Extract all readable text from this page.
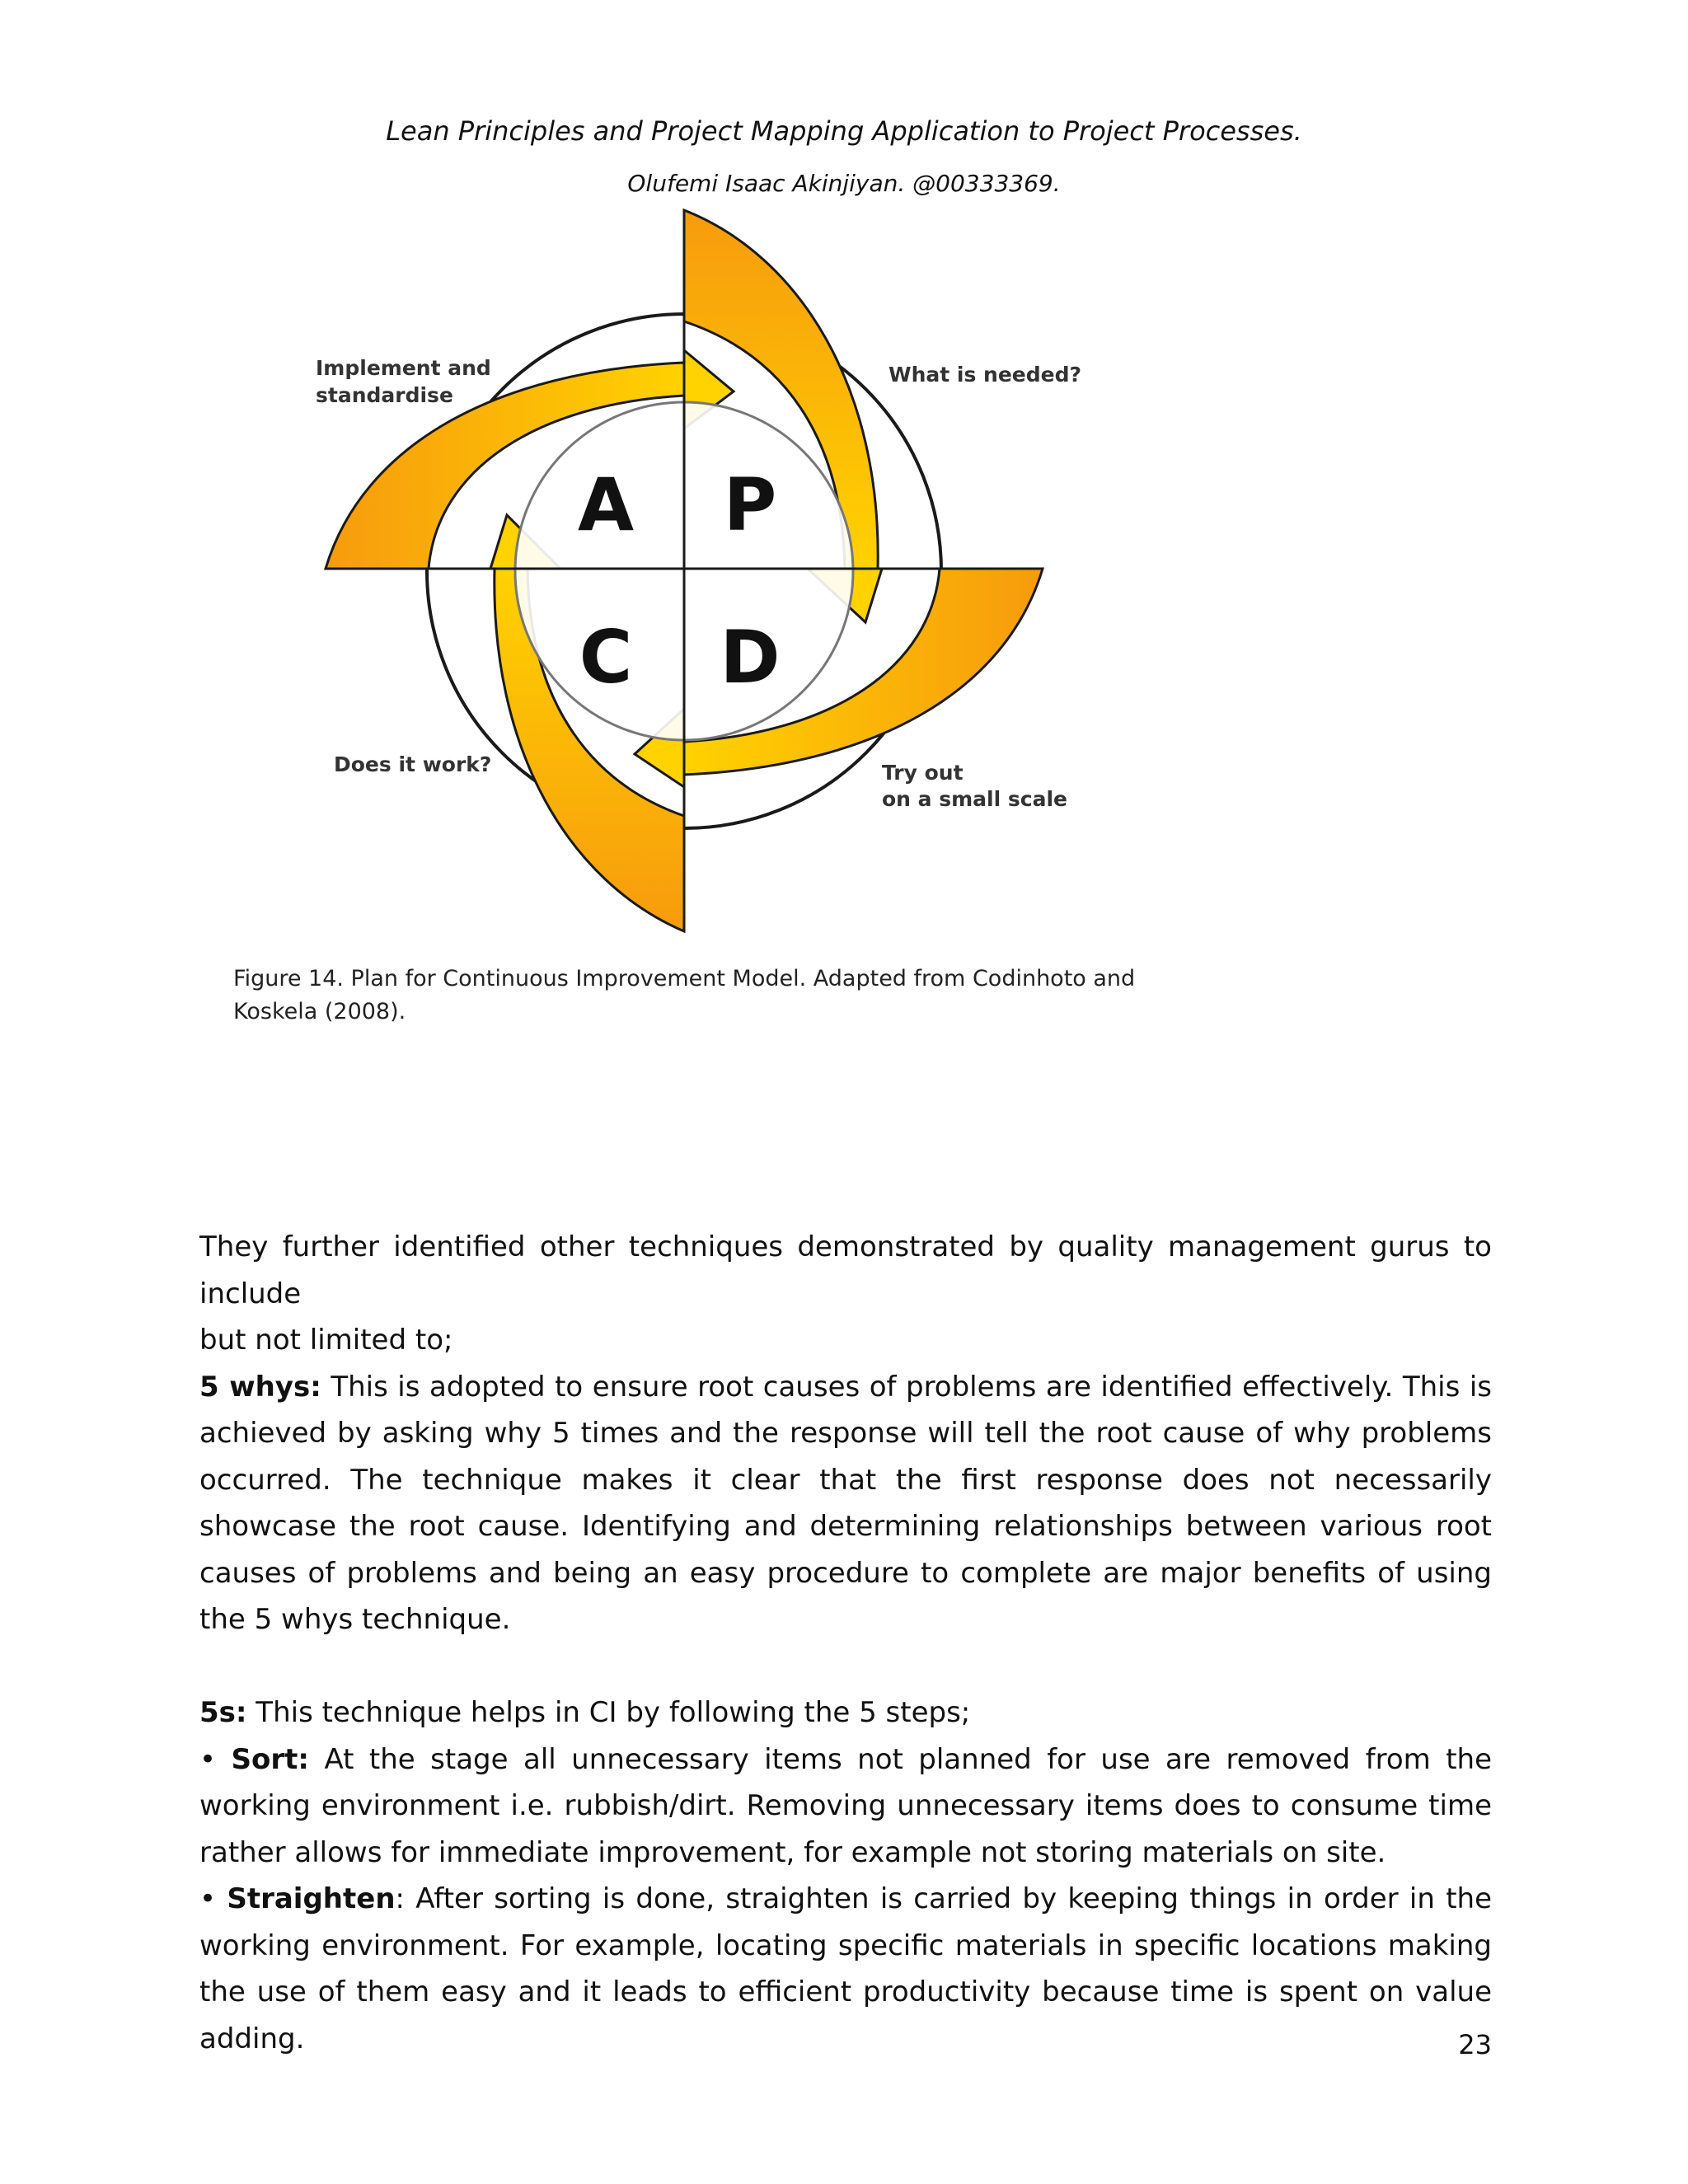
Lean Principles and Project Mapping Application to Project Processes.
Olufemi Isaac Akinjiyan. @00333369.
A P
C D
What is needed?
Try out
on a small scale
Does it work?
Implement and
standardise
Figure 14. Plan for Continuous Improvement Model. Adapted from Codinhoto and
Koskela (2008).

They further identified other techniques demonstrated by quality management gurus to include
but not limited to;

5 whys: This is adopted to ensure root causes of problems are identified effectively. This is achieved by asking why 5 times and the response will tell the root cause of why problems occurred. The technique makes it clear that the first response does not necessarily showcase the root cause. Identifying and determining relationships between various root causes of problems and being an easy procedure to complete are major benefits of using the 5 whys technique.

5s: This technique helps in CI by following the 5 steps;

• Sort: At the stage all unnecessary items not planned for use are removed from the working environment i.e. rubbish/dirt. Removing unnecessary items does to consume time rather allows for immediate improvement, for example not storing materials on site.

• Straighten: After sorting is done, straighten is carried by keeping things in order in the working environment. For example, locating specific materials in specific locations making the use of them easy and it leads to efficient productivity because time is spent on value adding.	23
